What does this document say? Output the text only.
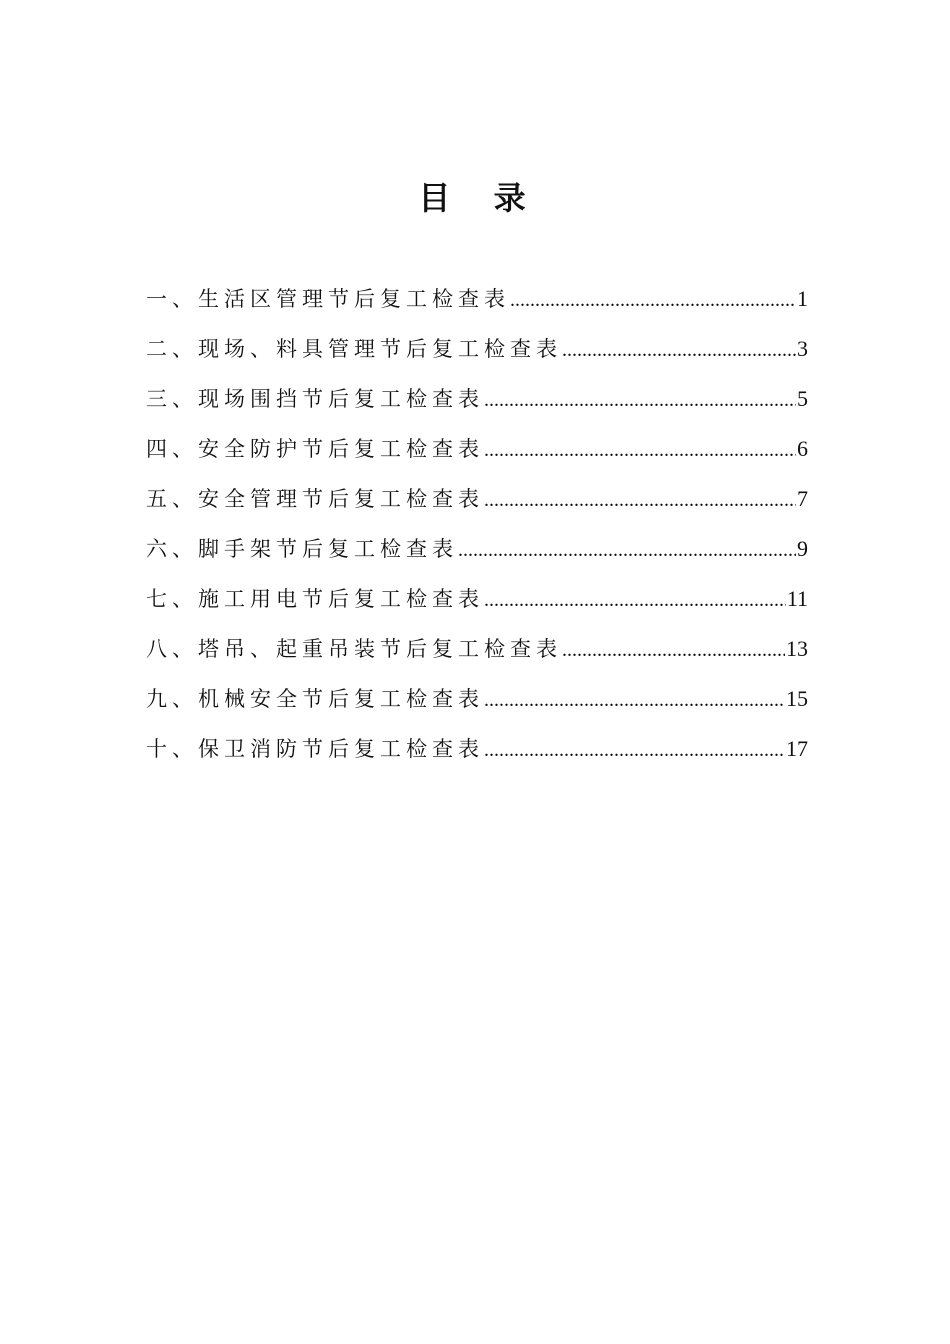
目 录
一、生活区管理节后复工检查表 .....	1
二、现场、料具管理节后复工检查表 .....	3
三、现场围挡节后复工检查表 .....	5
四、安全防护节后复工检查表 .....	6
五、安全管理节后复工检查表 .....	7
六、脚手架节后复工检查表 .....	9
七、施工用电节后复工检查表 .....	11
八、塔吊、起重吊装节后复工检查表 .....	13
九、机械安全节后复工检查表 .....	15
十、保卫消防节后复工检查表 .....	17
